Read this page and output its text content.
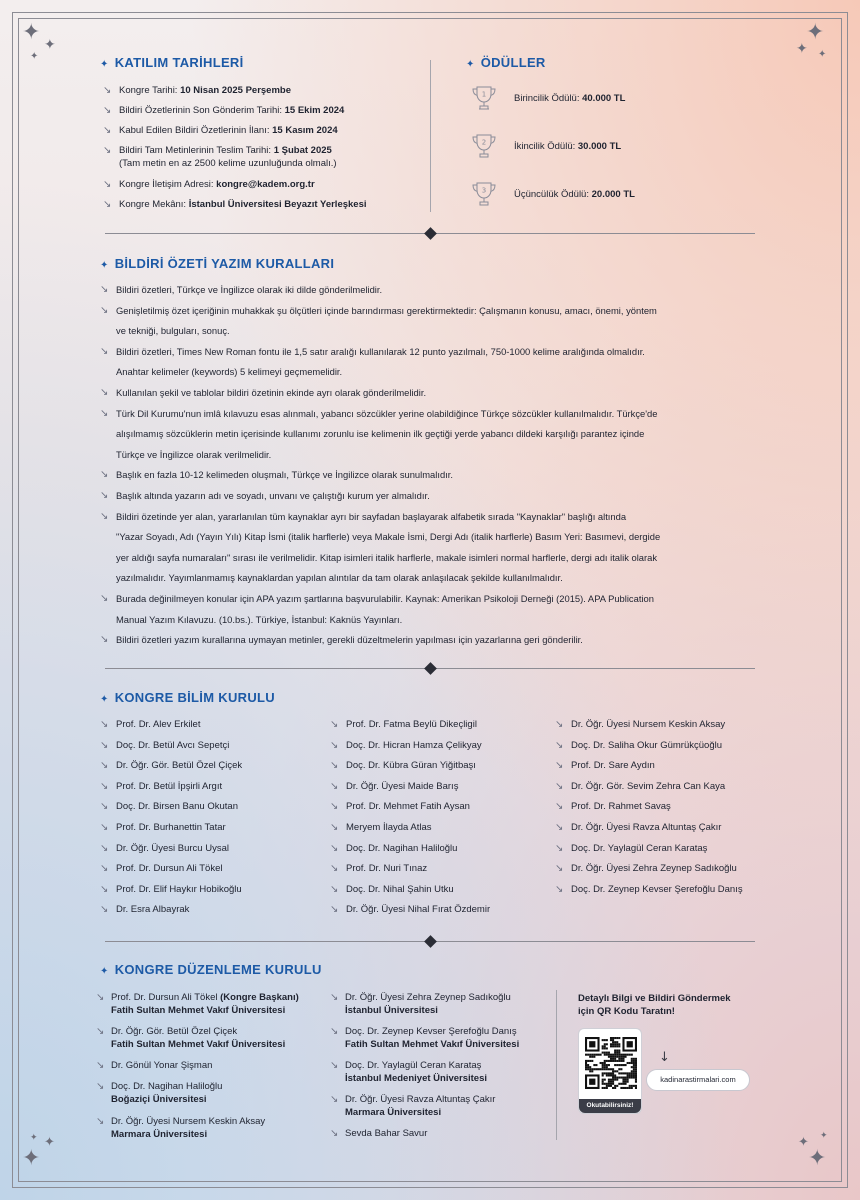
✦ ✦
✦
✦
✦ ✦
✦
✦
✦
✦
✦ ✦
✦ KATILIM TARİHLERİ
↘ Kongre Tarihi: 10 Nisan 2025 Perşembe
↘ Bildiri Özetlerinin Son Gönderim Tarihi: 15 Ekim 2024
↘ Kabul Edilen Bildiri Özetlerinin İlanı: 15 Kasım 2024
↘ Bildiri Tam Metinlerinin Teslim Tarihi: 1 Şubat 2025
(Tam metin en az 2500 kelime uzunluğunda olmalı.)
↘ Kongre İletişim Adresi: kongre@kadem.org.tr
↘ Kongre Mekânı: İstanbul Üniversitesi Beyazıt Yerleşkesi
✦ ÖDÜLLER
1	Birincilik Ödülü: 40.000 TL
2	İkincilik Ödülü: 30.000 TL
3	Üçüncülük Ödülü: 20.000 TL
✦ BİLDİRİ ÖZETİ YAZIM KURALLARI
↘ Bildiri özetleri, Türkçe ve İngilizce olarak iki dilde gönderilmelidir.
↘ Genişletilmiş özet içeriğinin muhakkak şu ölçütleri içinde barındırması gerektirmektedir: Çalışmanın konusu, amacı, önemi, yöntem
ve tekniği, bulguları, sonuç.
↘ Bildiri özetleri, Times New Roman fontu ile 1,5 satır aralığı kullanılarak 12 punto yazılmalı, 750-1000 kelime aralığında olmalıdır.
Anahtar kelimeler (keywords) 5 kelimeyi geçmemelidir.
↘ Kullanılan şekil ve tablolar bildiri özetinin ekinde ayrı olarak gönderilmelidir.
↘ Türk Dil Kurumu'nun imlâ kılavuzu esas alınmalı, yabancı sözcükler yerine olabildiğince Türkçe sözcükler kullanılmalıdır. Türkçe'de
alışılmamış sözcüklerin metin içerisinde kullanımı zorunlu ise kelimenin ilk geçtiği yerde yabancı dildeki karşılığı parantez içinde
Türkçe ve İngilizce olarak verilmelidir.
↘ Başlık en fazla 10-12 kelimeden oluşmalı, Türkçe ve İngilizce olarak sunulmalıdır.
↘ Başlık altında yazarın adı ve soyadı, unvanı ve çalıştığı kurum yer almalıdır.
↘ Bildiri özetinde yer alan, yararlanılan tüm kaynaklar ayrı bir sayfadan başlayarak alfabetik sırada "Kaynaklar" başlığı altında
"Yazar Soyadı, Adı (Yayın Yılı) Kitap İsmi (italik harflerle) veya Makale İsmi, Dergi Adı (italik harflerle) Basım Yeri: Basımevi, dergide
yer aldığı sayfa numaraları" sırası ile verilmelidir. Kitap isimleri italik harflerle, makale isimleri normal harflerle, dergi adı italik olarak
yazılmalıdır. Yayımlanmamış kaynaklardan yapılan alıntılar da tam olarak anlaşılacak şekilde kullanılmalıdır.
↘ Burada değinilmeyen konular için APA yazım şartlarına başvurulabilir. Kaynak: Amerikan Psikoloji Derneği (2015). APA Publication
Manual Yazım Kılavuzu. (10.bs.). Türkiye, İstanbul: Kaknüs Yayınları.
↘ Bildiri özetleri yazım kurallarına uymayan metinler, gerekli düzeltmelerin yapılması için yazarlarına geri gönderilir.
✦ KONGRE BİLİM KURULU
↘ Prof. Dr. Alev Erkilet
↘ Doç. Dr. Betül Avcı Sepetçi
↘ Dr. Öğr. Gör. Betül Özel Çiçek
↘ Prof. Dr. Betül İpşirli Argıt
↘ Doç. Dr. Birsen Banu Okutan
↘ Prof. Dr. Burhanettin Tatar
↘ Dr. Öğr. Üyesi Burcu Uysal
↘ Prof. Dr. Dursun Ali Tökel
↘ Prof. Dr. Elif Haykır Hobikoğlu
↘ Dr. Esra Albayrak
↘ Prof. Dr. Fatma Beylü Dikeçligil
↘ Doç. Dr. Hicran Hamza Çelikyay
↘ Doç. Dr. Kübra Güran Yiğitbaşı
↘ Dr. Öğr. Üyesi Maide Barış
↘ Prof. Dr. Mehmet Fatih Aysan
↘ Meryem İlayda Atlas
↘ Doç. Dr. Nagihan Haliloğlu
↘ Prof. Dr. Nuri Tınaz
↘ Doç. Dr. Nihal Şahin Utku
↘ Dr. Öğr. Üyesi Nihal Fırat Özdemir
↘ Dr. Öğr. Üyesi Nursem Keskin Aksay
↘ Doç. Dr. Saliha Okur Gümrükçüoğlu
↘ Prof. Dr. Sare Aydın
↘ Dr. Öğr. Gör. Sevim Zehra Can Kaya
↘ Prof. Dr. Rahmet Savaş
↘ Dr. Öğr. Üyesi Ravza Altuntaş Çakır
↘ Doç. Dr. Yaylagül Ceran Karataş
↘ Dr. Öğr. Üyesi Zehra Zeynep Sadıkoğlu
↘ Doç. Dr. Zeynep Kevser Şerefoğlu Danış
✦ KONGRE DÜZENLEME KURULU
↘ Prof. Dr. Dursun Ali Tökel (Kongre Başkanı)
Fatih Sultan Mehmet Vakıf Üniversitesi
↘ Dr. Öğr. Gör. Betül Özel Çiçek
Fatih Sultan Mehmet Vakıf Üniversitesi
↘ Dr. Gönül Yonar Şişman
↘ Doç. Dr. Nagihan Haliloğlu
Boğaziçi Üniversitesi
↘ Dr. Öğr. Üyesi Nursem Keskin Aksay
Marmara Üniversitesi
↘ Dr. Öğr. Üyesi Zehra Zeynep Sadıkoğlu
İstanbul Üniversitesi
↘ Doç. Dr. Zeynep Kevser Şerefoğlu Danış
Fatih Sultan Mehmet Vakıf Üniversitesi
↘ Doç. Dr. Yaylagül Ceran Karataş
İstanbul Medeniyet Üniversitesi
↘ Dr. Öğr. Üyesi Ravza Altuntaş Çakır
Marmara Üniversitesi
↘ Sevda Bahar Savur
Detaylı Bilgi ve Bildiri Göndermek
için QR Kodu Taratın!
Okutabilirsiniz!
↓
kadinarastirmalari.com
